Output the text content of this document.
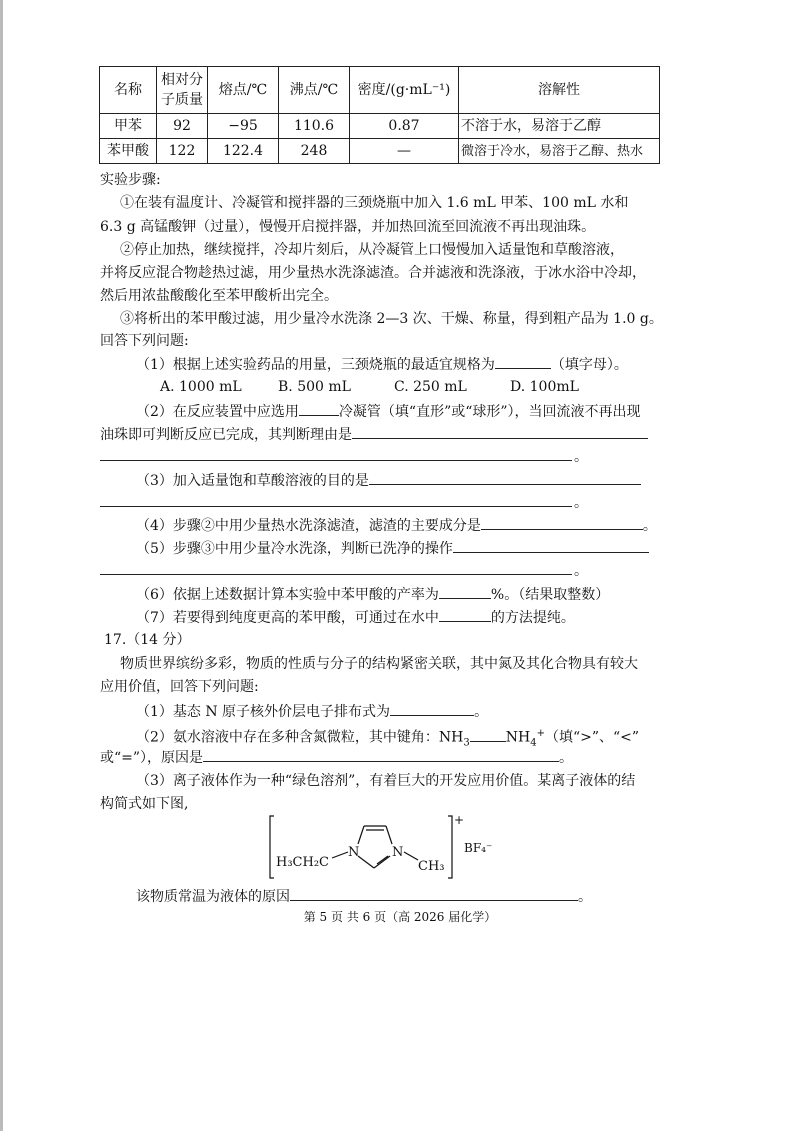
名称	相对分子质量	熔点/℃	沸点/℃	密度/(g·mL⁻¹)	溶解性
甲苯	92	−95	110.6	0.87	不溶于水，易溶于乙醇
苯甲酸	122	122.4	248	—	微溶于冷水，易溶于乙醇、热水
实验步骤:
①在装有温度计、冷凝管和搅拌器的三颈烧瓶中加入 1.6 mL 甲苯、100 mL 水和
6.3 g 高锰酸钾（过量），慢慢开启搅拌器，并加热回流至回流液不再出现油珠。
②停止加热，继续搅拌，冷却片刻后，从冷凝管上口慢慢加入适量饱和草酸溶液，
并将反应混合物趁热过滤，用少量热水洗涤滤渣。合并滤液和洗涤液，于冰水浴中冷却，
然后用浓盐酸酸化至苯甲酸析出完全。
③将析出的苯甲酸过滤，用少量冷水洗涤 2—3 次、干燥、称量，得到粗产品为 1.0 g。
回答下列问题:
（1）根据上述实验药品的用量，三颈烧瓶的最适宜规格为	（填字母）。
A. 1000 mL	B. 500 mL	C. 250 mL	D. 100mL
（2）在反应装置中应选用	冷凝管（填“直形”或“球形”），当回流液不再出现
油珠即可判断反应已完成，其判断理由是
。
（3）加入适量饱和草酸溶液的目的是
。
（4）步骤②中用少量热水洗涤滤渣，滤渣的主要成分是	。
（5）步骤③中用少量冷水洗涤，判断已洗净的操作
。
（6）依据上述数据计算本实验中苯甲酸的产率为	%。（结果取整数）
（7）若要得到纯度更高的苯甲酸，可通过在水中	的方法提纯。
17.（14 分）
物质世界缤纷多彩，物质的性质与分子的结构紧密关联，其中氮及其化合物具有较大
应用价值，回答下列问题:
（1）基态 N 原子核外价层电子排布式为	。
（2）氨水溶液中存在多种含氮微粒，其中键角：$NH_3$	$NH_4^+$（填“>”、“<”
或“=”），原因是	。
（3）离子液体作为一种“绿色溶剂”，有着巨大的开发应用价值。某离子液体的结
构简式如下图,
H₃CH₂C
N	N
CH₃
+
BF₄⁻
该物质常温为液体的原因	。
第 5 页 共 6 页（高 2026 届化学）
